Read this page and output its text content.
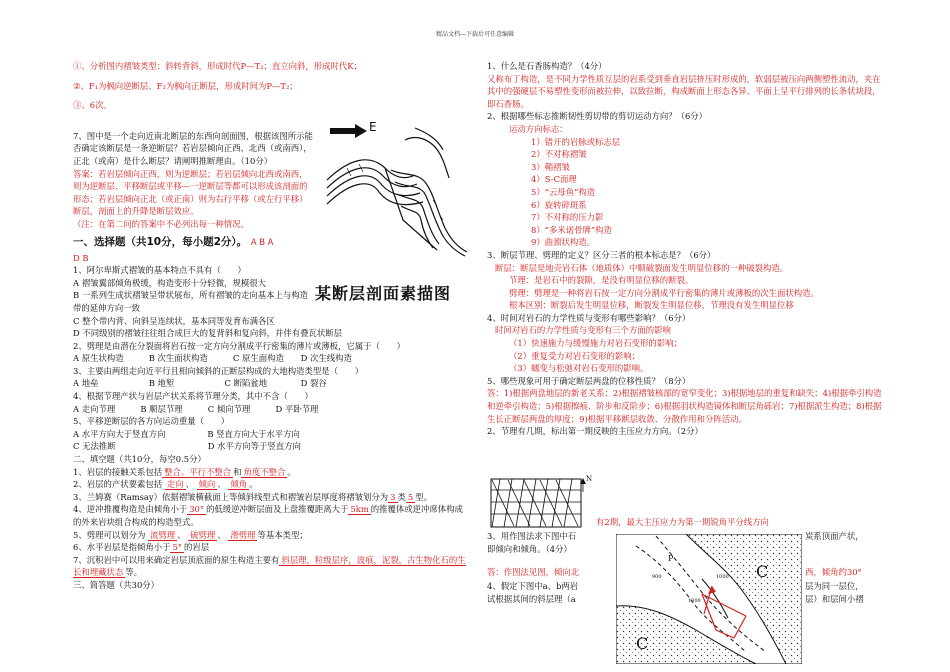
精品文档---下载后可任意编辑

①、分析图内褶皱类型：斜转背斜，形成时代P—T₂；直立向斜，形成时代K；

②、F₁为枫向逆断层、F₂为枫向正断层，形成时间为P—T₂；

③、6次。

7、图中是一个走向近南北断层的东西向剖面图，根据该图所示能否确定该断层是一条逆断层？若岩层倾向正西、北西（或南西），正北（或南）是什么断层？请阐明推断理由。（10分）

答案：若岩层倾向正西，则为逆断层；若岩层倾向北西或南西，则为逆断层、平移断层或平移—一逆断层等都可以形成该剖面的形态；若岩层倾向正北（或正南）则为右行平移（或左行平移）断层，剖面上的升降是断层效应。

（注：在第二问的答案中不必列出每一种情况。

一、选择题（共10分，每小题2分）。 A B A

D B

1、阿尔卑斯式褶皱的基本特点不具有（　　）

A 褶皱翼部倾角极缓，构造变形十分轻微，规模很大

B 一系列生成状褶皱呈带状展布，所有褶皱的走向基本上与构造带的延伸方向一致

C 整个带内背、向斜呈连续状，基本同等发育布满各区

D 不同级别的褶皱往往组合成巨大的复背斜和复向斜，并伴有叠瓦状断层

2、劈理是由潜在分裂面将岩石按一定方向分割成平行密集的薄片或薄板，它属于（　　）

A 原生状构造　　　B 次生面状构造　　　C 原生面构造　　D 次生线构造

3、主要由两组走向近平行且相向倾斜的正断层构成的大地构造类型是（　　）

A 地垒　　　　　　B 地堑　　　　　　C 断陷盆地　　　　D 裂谷

4、根据节理产状与岩层产状关系将节理分类，其中不含（　　）

A 走向节理　　　B 顺层节理　　　C 倾向节理　　　D 平卧节理

5、平移逆断层的各方向运动重量（　　）

A 水平方向大于竖直方向　　　　　B 竖直方向大于水平方向

C 无法推断　　　　　　　　　　　D 水平方向等于竖直方向

二、填空题（共10分，每空0.5分）

1、岩层的接触关系包括 整合、平行不整合 和 角度不整合 。

2、岩层的产状要素包括 走向 、 倾向 、 倾角 。

3、兰姆赛（Ramsay）依据褶皱横截面上等倾斜线型式和褶皱岩层厚度将褶皱划分为 3 类 5 型。

4、逆冲推覆构造是由倾角小于 30° 的低缓逆冲断层面及上盘推覆距离大于 5km 的推覆体或逆冲席体构成的外来岩块组合构成的构造型式。

5、劈理可以划分为 流劈理 、 破劈理 、 滑劈理 等基本类型；

6、水平岩层是指倾角小于 5° 的岩层

7、沉积岩中可以用来确定岩层顶底面的原生构造主要有 斜层理，粒级层序，波痕，泥裂，古生物化石的生长和埋藏状态 等。

三、简答题（共30分）

E
某断层剖面素描图

1、什么是石香肠构造？（4分）

又称布丁构造，是不同力学性质互层的岩系受到垂直岩层挤压时形成的，软弱层被压向两侧塑性流动，夹在其中的强硬层不易塑性变形而被拉伸，以致拉断，构成断面上形态各异、平面上呈平行排列的长条状块段，即石香肠。

2、根据哪些标志推断韧性剪切带的剪切运动方向？（6分）

运动方向标志：

1）错开的岩脉或标志层

2）不对称褶皱

3）鞘褶皱

4）S-C面理

5）“云母鱼”构造

6）旋转碎斑系

7）不对称的压力影

8）“多米诺骨牌”构造

9）曲颈状构造。

3、断层节理、劈理的定义？区分三者的根本标志是？（6分）

断层：断层是地壳岩石体（地质体）中顺破裂面发生明显位移的一种破裂构造。

节理：是岩石中的裂隙，是没有明显位移的断裂。

劈理：劈理是一种将岩石按一定方向分割成平行密集的薄片或薄板的次生面状构造。

根本区别：断裂后发生明显位移，断裂发生明显位移，节理没有发生明显位移

4、时间对岩石的力学性质与变形有哪些影响？（6分）

时间对岩石的力学性质与变形有三个方面的影响

（1）快速施力与缓慢施力对岩石变形的影响；

（2）重复受力对岩石变形的影响；

（3）蠕变与松弛对岩石变形的影响。

5、哪些现象可用于确定断层两盘的位移性质？（8分）

答：1)根据两盘地层的新老关系；2)根据褶皱核部的宽窄变化；3)根据地层的重复和缺失；4)根据牵引构造和逆牵引构造；5)根据擦痕、阶步和反阶步；6)根据羽状构造镜体和断层角砾岩；7)根据派生构造；8)根据生长正断层两盘的厚度；9)根据平移断层收敛、分散作用和分阵活动。

2、节理有几期，标出第一期反映的主压应力方向。（2分）

N
有2期，最大主压应力为第一期锐角平分线方向
3、用作图法求下图中石
即倾向和倾角。（4分）
炭系顶面产状，
答：作图法见图，倾向北	西，倾角约30°
4、假定下图中a、b两岩
试根据其间的斜层理（a
层为同一层位，
层）和层间小褶
P
900	1000
1300
C
C
